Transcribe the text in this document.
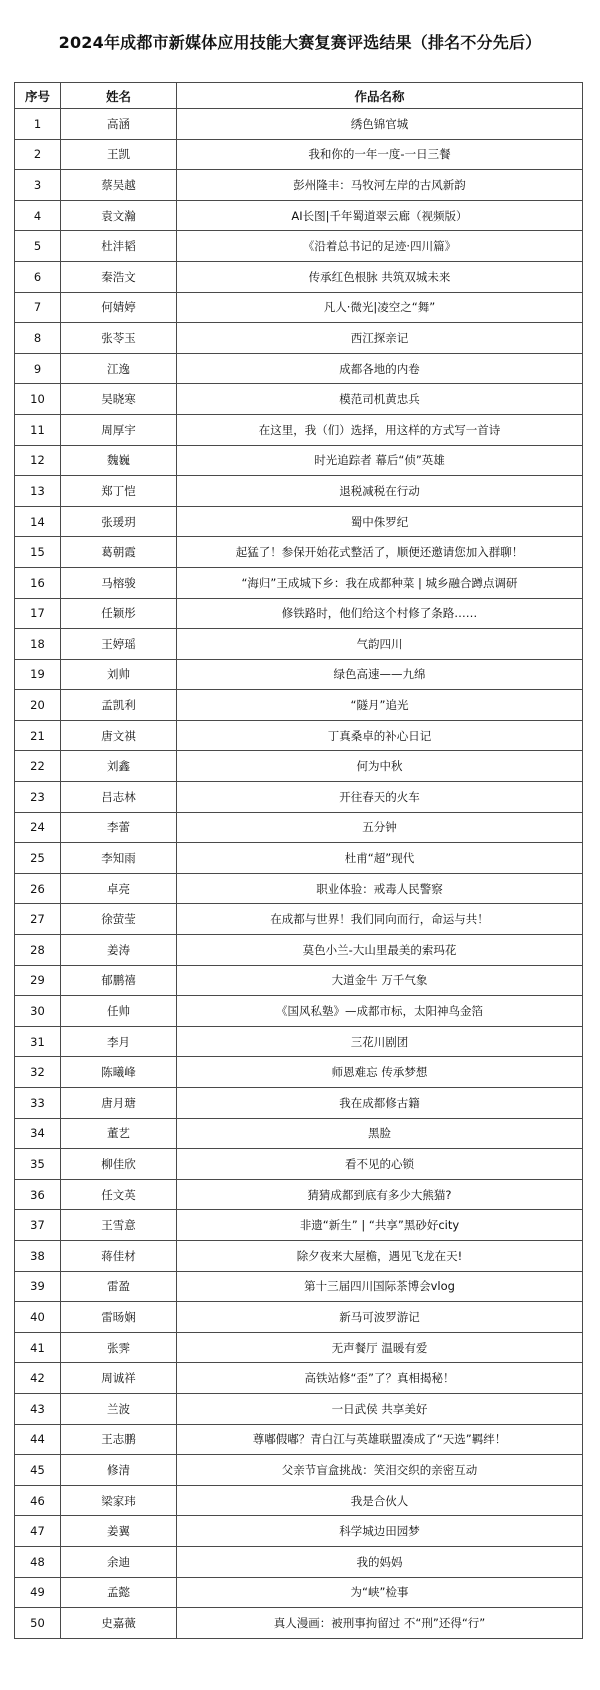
2024年成都市新媒体应用技能大赛复赛评选结果（排名不分先后）
序号	姓名	作品名称
1	高涵	绣色锦官城
2	王凯	我和你的一年一度-一日三餐
3	蔡吴越	彭州隆丰：马牧河左岸的古风新韵
4	袁文瀚	AI长图|千年蜀道翠云廊（视频版）
5	杜沣韬	《沿着总书记的足迹·四川篇》
6	秦浩文	传承红色根脉 共筑双城未来
7	何婧婷	凡人·微光|凌空之“舞”
8	张苓玉	西江探亲记
9	江逸	成都各地的内卷
10	吴晓寒	模范司机黄忠兵
11	周厚宇	在这里，我（们）选择，用这样的方式写一首诗
12	魏巍	时光追踪者 幕后“侦”英雄
13	郑丁恺	退税减税在行动
14	张瑗玥	蜀中侏罗纪
15	葛朝霞	起猛了！参保开始花式整活了，顺便还邀请您加入群聊！
16	马榕骏	“海归”王成城下乡：我在成都种菜 | 城乡融合蹲点调研
17	任颖彤	修铁路时，他们给这个村修了条路……
18	王婷瑶	气韵四川
19	刘帅	绿色高速——九绵
20	孟凯利	“隧月”追光
21	唐文祺	丁真桑卓的补心日记
22	刘鑫	何为中秋
23	吕志林	开往春天的火车
24	李蕾	五分钟
25	李知雨	杜甫“超”现代
26	卓亮	职业体验：戒毒人民警察
27	徐萤莹	在成都与世界！我们同向而行，命运与共！
28	姜涛	莫色小兰-大山里最美的索玛花
29	郁鹏禧	大道金牛 万千气象
30	任帅	《国风私塾》—成都市标，太阳神鸟金箔
31	李月	三花川剧团
32	陈曦峰	师恩难忘 传承梦想
33	唐月瑭	我在成都修古籍
34	董艺	黑脸
35	柳佳欣	看不见的心锁
36	任文英	猜猜成都到底有多少大熊猫?
37	王雪意	非遗“新生” | “共享”黑砂好city
38	蒋佳材	除夕夜来大屋檐，遇见飞龙在天!
39	雷盈	第十三届四川国际茶博会vlog
40	雷旸娴	新马可波罗游记
41	张霁	无声餐厅 温暖有爱
42	周诚祥	高铁站修“歪”了？真相揭秘！
43	兰波	一日武侯 共享美好
44	王志鹏	尊嘟假嘟？青白江与英雄联盟凑成了“天选”羁绊！
45	修清	父亲节盲盒挑战：笑泪交织的亲密互动
46	梁家玮	我是合伙人
47	姜翼	科学城边田园梦
48	余迪	我的妈妈
49	孟懿	为“峡”检事
50	史嘉薇	真人漫画：被刑事拘留过 不“刑”还得“行”
